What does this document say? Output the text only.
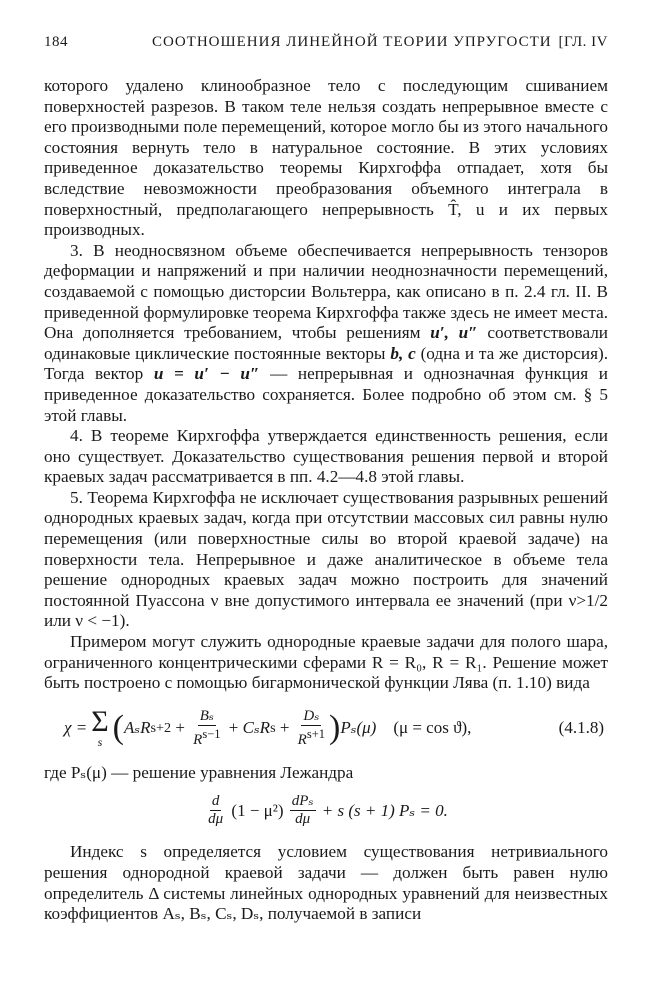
184	СООТНОШЕНИЯ ЛИНЕЙНОЙ ТЕОРИИ УПРУГОСТИ [ГЛ. IV

которого удалено клинообразное тело с последующим сшиванием поверхностей разрезов. В таком теле нельзя создать непрерывное вместе с его производными поле перемещений, которое могло бы из этого начального состояния вернуть тело в натуральное состояние. В этих условиях приведенное доказательство теоремы Кирхгоффа отпадает, хотя бы вследствие невозможности преобразования объемного интеграла в поверхностный, предполагающего непрерывность T̂, u и их первых производных.

3. В неодносвязном объеме обеспечивается непрерывность тензоров деформации и напряжений и при наличии неоднозначности перемещений, создаваемой с помощью дисторсии Вольтерра, как описано в п. 2.4 гл. II. В приведенной формулировке теорема Кирхгоффа также здесь не имеет места. Она дополняется требованием, чтобы решениям u′, u″ соответствовали одинаковые циклические постоянные векторы b, c (одна и та же дисторсия). Тогда вектор u = u′ − u″ — непрерывная и однозначная функция и приведенное доказательство сохраняется. Более подробно об этом см. § 5 этой главы.

4. В теореме Кирхгоффа утверждается единственность решения, если оно существует. Доказательство существования решения первой и второй краевых задач рассматривается в пп. 4.2—4.8 этой главы.

5. Теорема Кирхгоффа не исключает существования разрывных решений однородных краевых задач, когда при отсутствии массовых сил равны нулю перемещения (или поверхностные силы во второй краевой задаче) на поверхности тела. Непрерывное и даже аналитическое в объеме тела решение однородных краевых задач можно построить для значений постоянной Пуассона ν вне допустимого интервала ее значений (при ν>1/2 или ν < −1).

Примером могут служить однородные краевые задачи для полого шара, ограниченного концентрическими сферами R = R₀, R = R₁. Решение может быть построено с помощью бигармонической функции Лява (п. 1.10) вида

χ = Σ
s ( AₛR $s+2 + \frac{\text{Bₛ}}{R^{s-1}} + C_sR$ $s + \frac{\text{Dₛ}}{R^{s+1}}$ ) Pₛ(μ)
(μ = cos ϑ),	(4.1.8)

где Pₛ(μ) — решение уравнения Лежандра

$\frac{d}{d\mu}$
(1 − μ²)
$\frac{\text{dPₛ}}{d\mu}$
+ s (s + 1) Pₛ = 0.

Индекс s определяется условием существования нетривиального решения однородной краевой задачи — должен быть равен нулю определитель Δ системы линейных однородных уравнений для неизвестных коэффициентов Aₛ, Bₛ, Cₛ, Dₛ, получаемой в записи
